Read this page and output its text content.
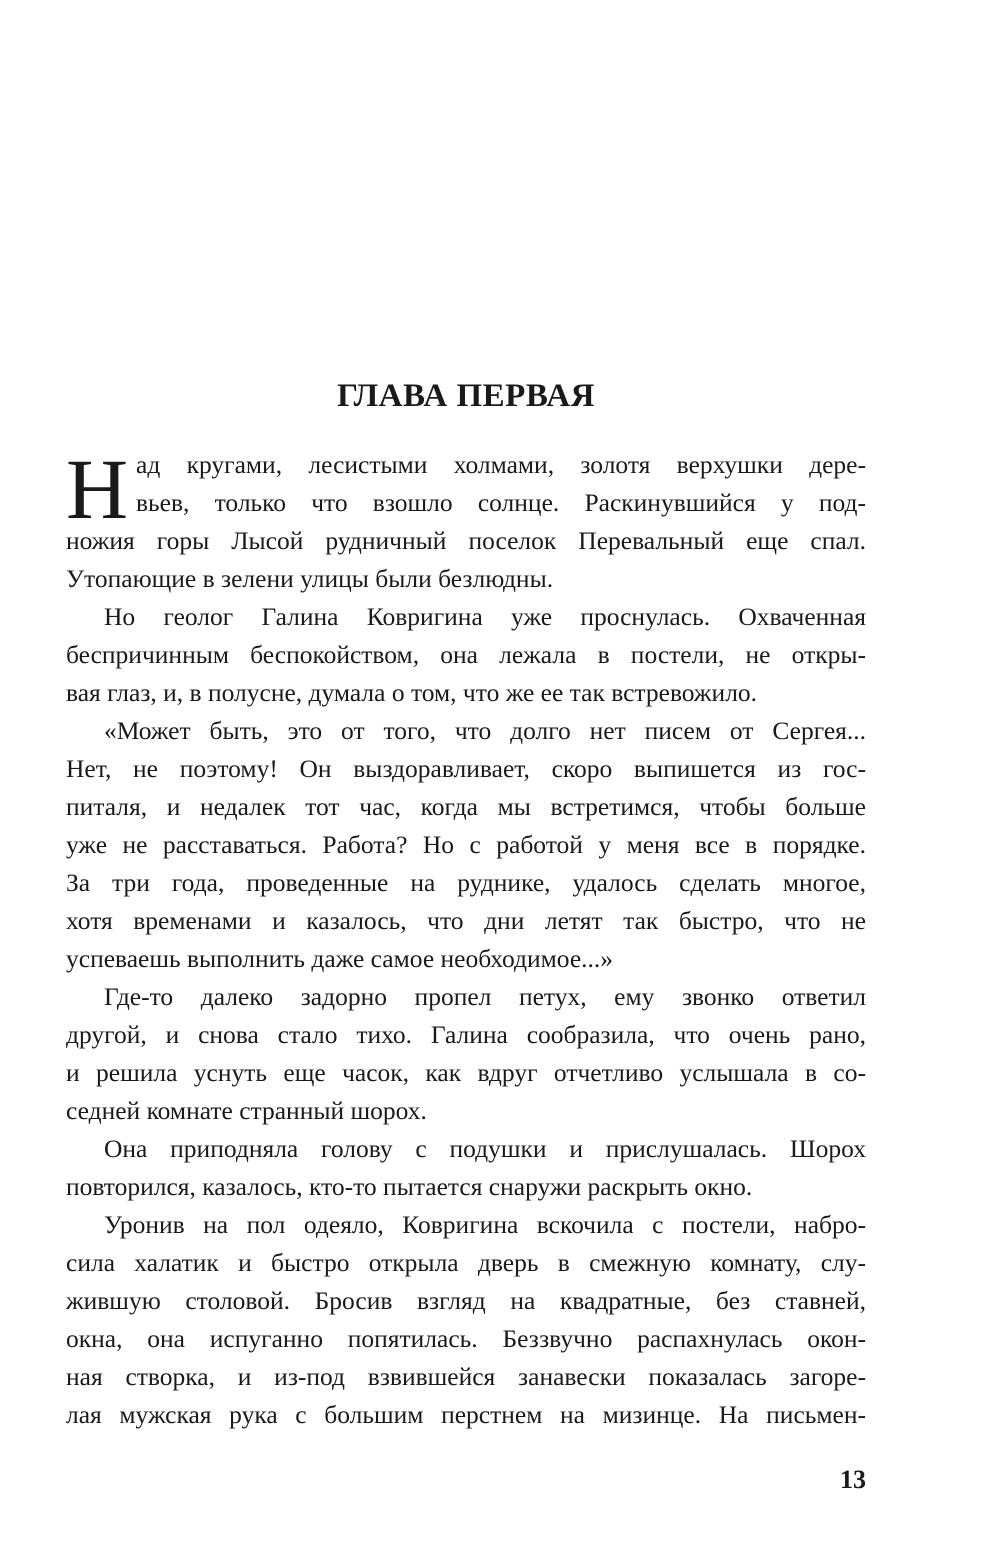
ГЛАВА ПЕРВАЯ
Н ад кругами, лесистыми холмами, золотя верхушки дере-
вьев, только что взошло солнце. Раскинувшийся у под-
ножия горы Лысой рудничный поселок Перевальный еще спал.
Утопающие в зелени улицы были безлюдны.
Но геолог Галина Ковригина уже проснулась. Охваченная
беспричинным беспокойством, она лежала в постели, не откры-
вая глаз, и, в полусне, думала о том, что же ее так встревожило.
«Может быть, это от того, что долго нет писем от Сергея...
Нет, не поэтому! Он выздоравливает, скоро выпишется из гос-
питаля, и недалек тот час, когда мы встретимся, чтобы больше
уже не расставаться. Работа? Но с работой у меня все в порядке.
За три года, проведенные на руднике, удалось сделать многое,
хотя временами и казалось, что дни летят так быстро, что не
успеваешь выполнить даже самое необходимое...»
Где-то далеко задорно пропел петух, ему звонко ответил
другой, и снова стало тихо. Галина сообразила, что очень рано,
и решила уснуть еще часок, как вдруг отчетливо услышала в со-
седней комнате странный шорох.
Она приподняла голову с подушки и прислушалась. Шорох
повторился, казалось, кто-то пытается снаружи раскрыть окно.
Уронив на пол одеяло, Ковригина вскочила с постели, набро-
сила халатик и быстро открыла дверь в смежную комнату, слу-
жившую столовой. Бросив взгляд на квадратные, без ставней,
окна, она испуганно попятилась. Беззвучно распахнулась окон-
ная створка, и из-под взвившейся занавески показалась загоре-
лая мужская рука с большим перстнем на мизинце. На письмен-
13
